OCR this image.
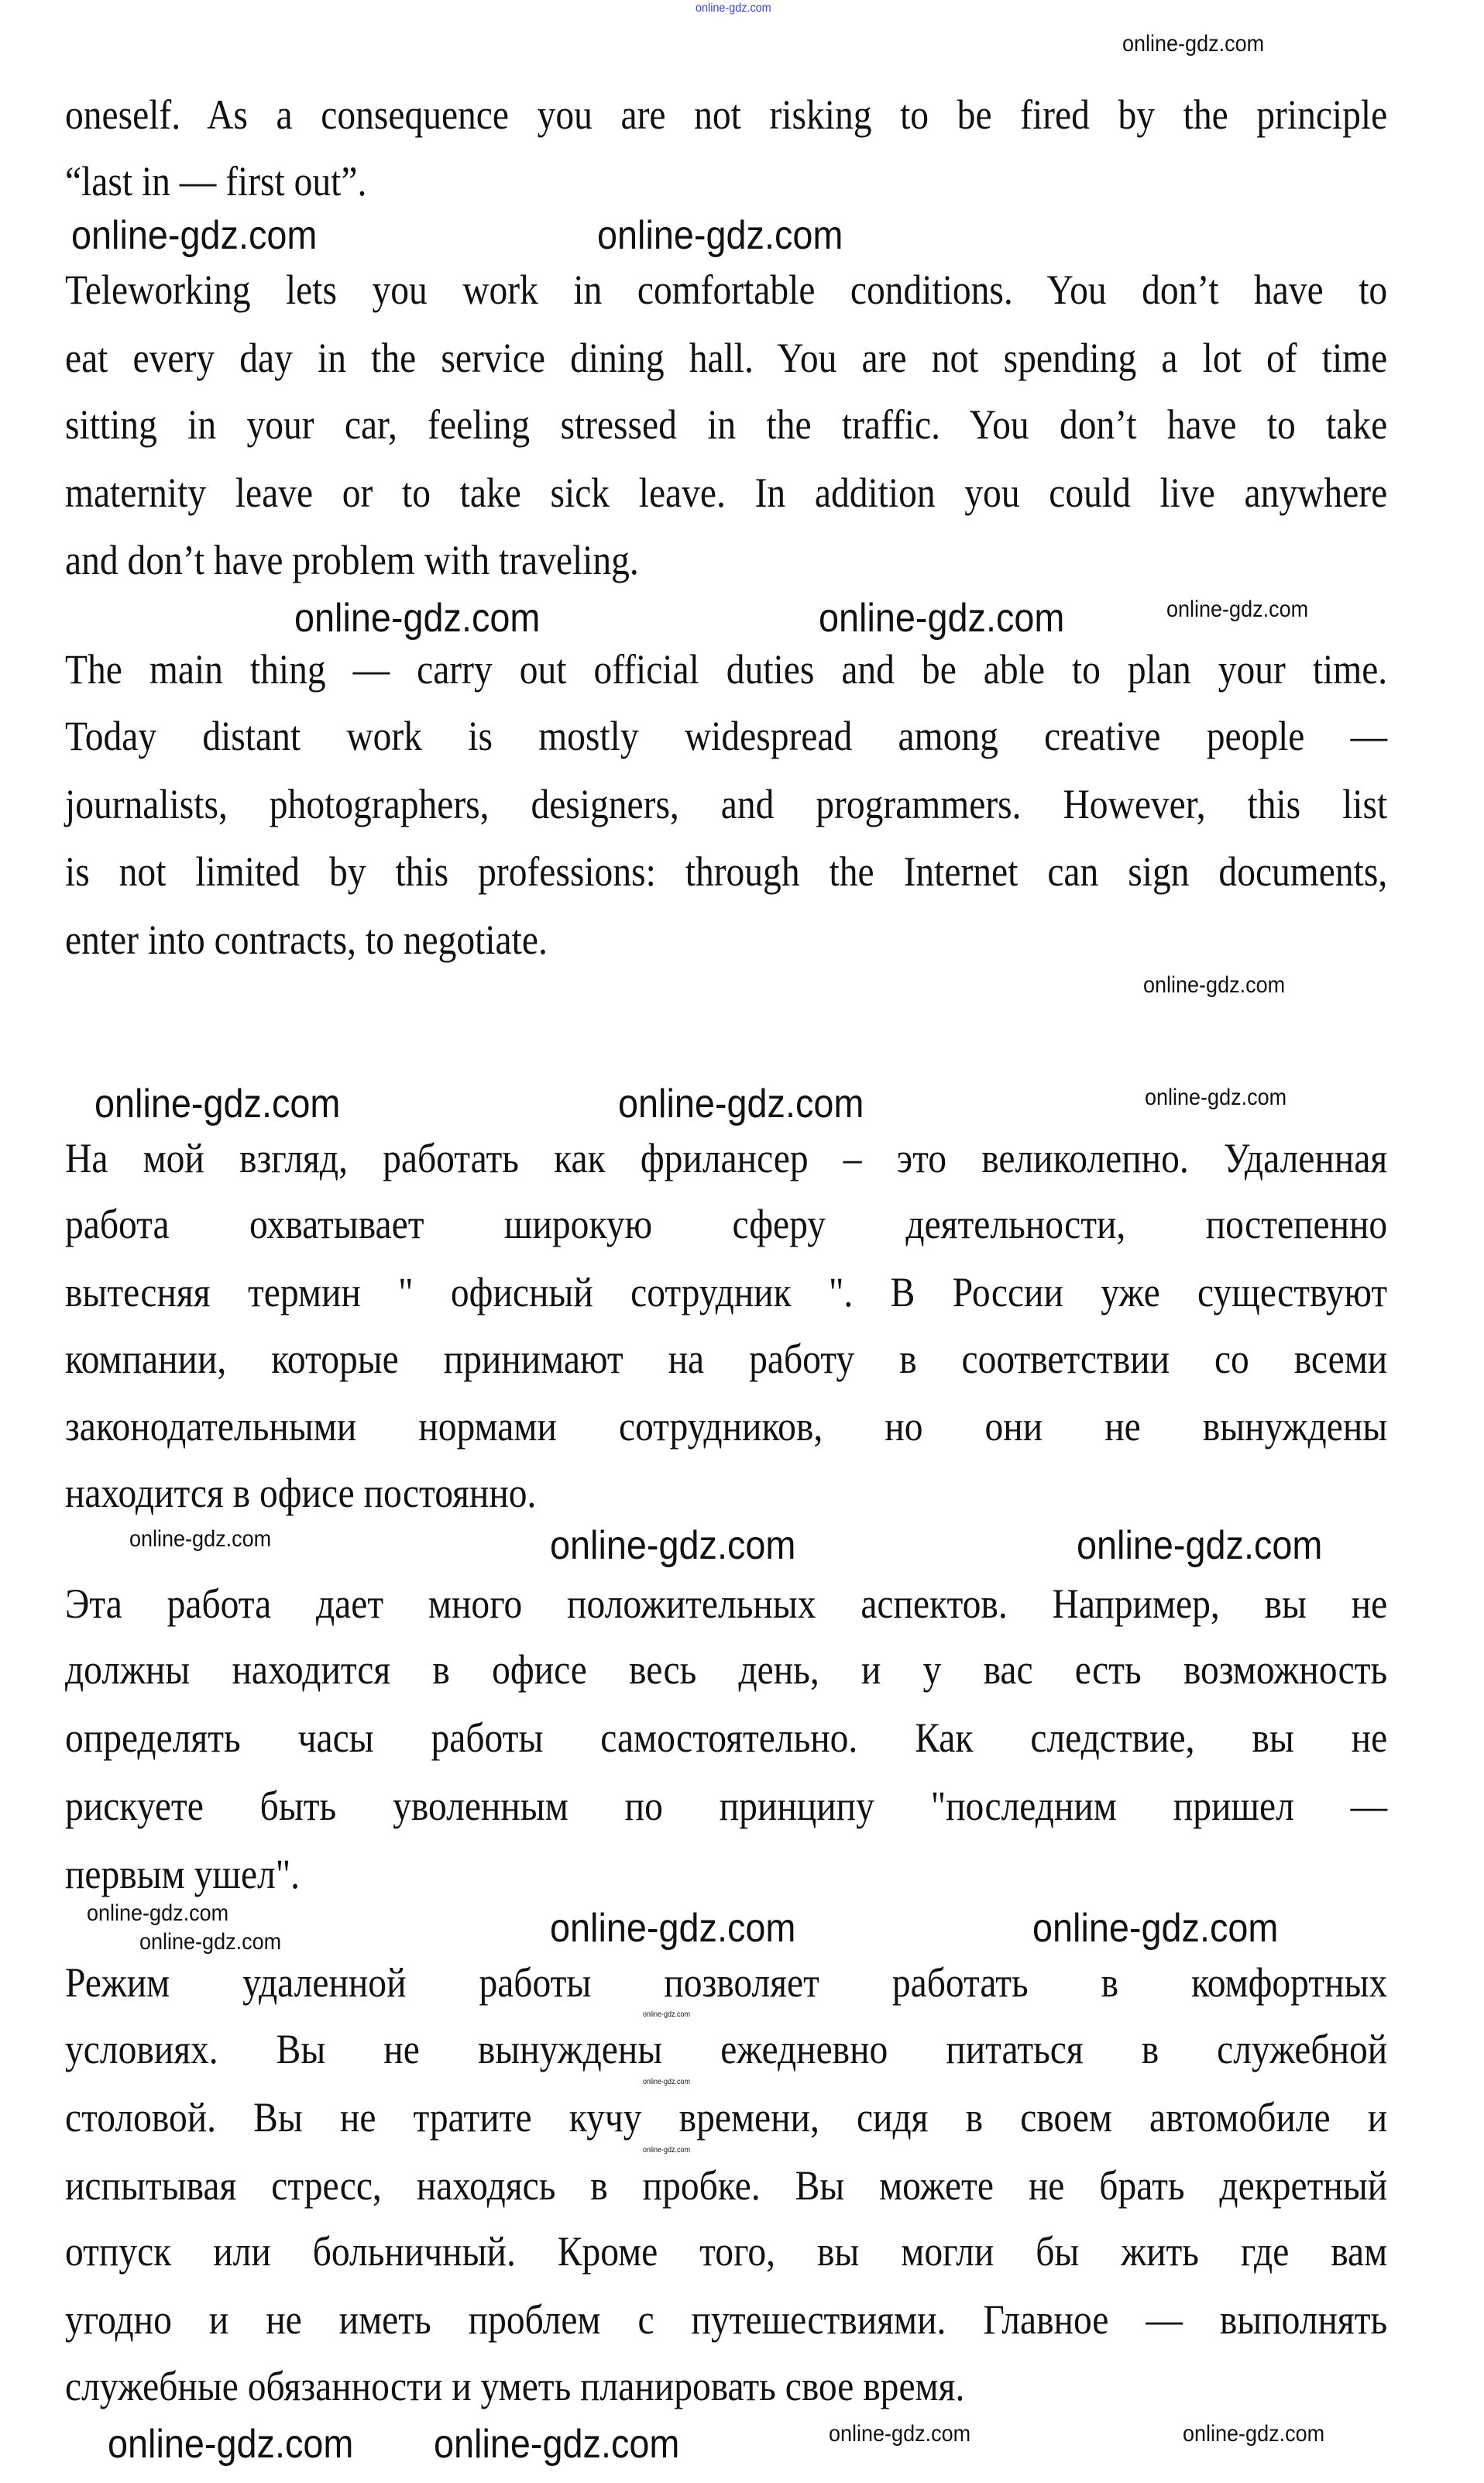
oneself. As a consequence you are not risking to be fired by the principle
“last in — first out”.
Teleworking lets you work in comfortable conditions. You don’t have to
eat every day in the service dining hall. You are not spending a lot of time
sitting in your car, feeling stressed in the traffic. You don’t have to take
maternity leave or to take sick leave. In addition you could live anywhere
and don’t have problem with traveling.
The main thing — carry out official duties and be able to plan your time.
Today distant work is mostly widespread among creative people —
journalists, photographers, designers, and programmers. However, this list
is not limited by this professions: through the Internet can sign documents,
enter into contracts, to negotiate.
На мой взгляд, работать как фрилансер – это великолепно. Удаленная
работа охватывает широкую сферу деятельности, постепенно
вытесняя термин " офисный сотрудник ". В России уже существуют
компании, которые принимают на работу в соответствии со всеми
законодательными нормами сотрудников, но они не вынуждены
находится в офисе постоянно.
Эта работа дает много положительных аспектов. Например, вы не
должны находится в офисе весь день, и у вас есть возможность
определять часы работы самостоятельно. Как следствие, вы не
рискуете быть уволенным по принципу "последним пришел —
первым ушел".
Режим удаленной работы позволяет работать в комфортных
условиях. Вы не вынуждены ежедневно питаться в служебной
столовой. Вы не тратите кучу времени, сидя в своем автомобиле и
испытывая стресс, находясь в пробке. Вы можете не брать декретный
отпуск или больничный. Кроме того, вы могли бы жить где вам
угодно и не иметь проблем с путешествиями. Главное — выполнять
служебные обязанности и уметь планировать свое время.
online-gdz.com
online-gdz.com
online-gdz.com	online-gdz.com
online-gdz.com
online-gdz.com	online-gdz.com
online-gdz.com
online-gdz.com
online-gdz.com	online-gdz.com
online-gdz.com	online-gdz.com
online-gdz.com
online-gdz.com	online-gdz.com
online-gdz.com
online-gdz.com
online-gdz.com
online-gdz.com
online-gdz.com
online-gdz.com
online-gdz.com	online-gdz.com	online-gdz.com
